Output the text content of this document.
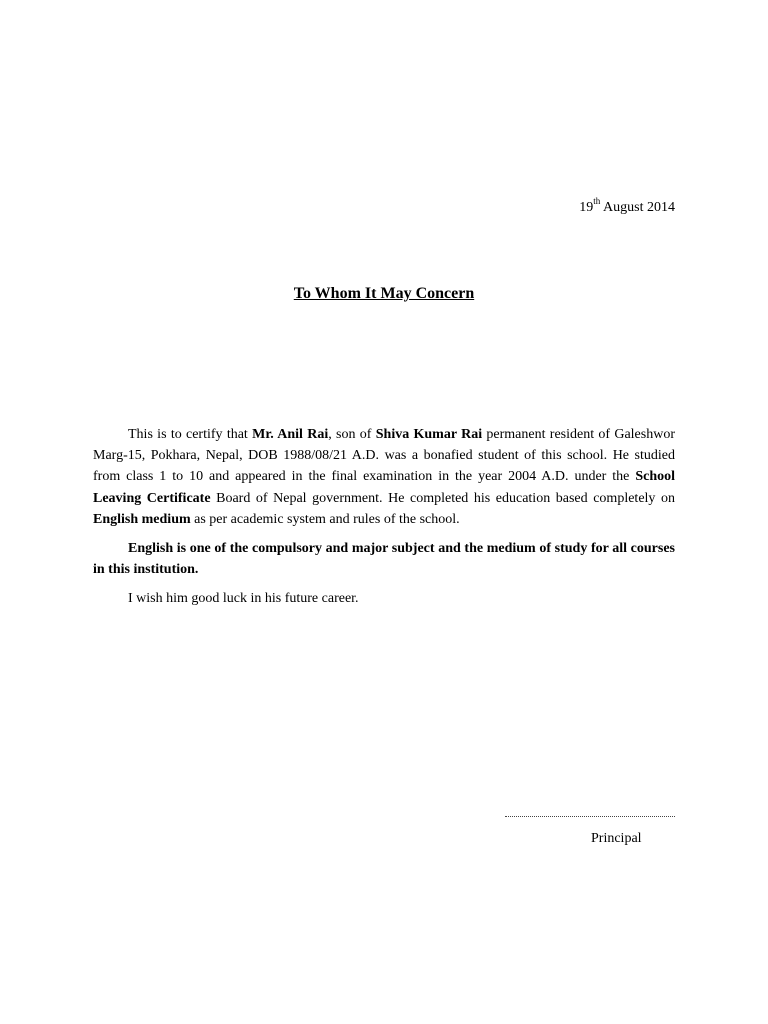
19th August 2014
To Whom It May Concern

This is to certify that Mr. Anil Rai, son of Shiva Kumar Rai permanent resident of Galeshwor Marg-15, Pokhara, Nepal, DOB 1988/08/21 A.D. was a bonafied student of this school. He studied from class 1 to 10 and appeared in the final examination in the year 2004 A.D. under the School Leaving Certificate Board of Nepal government. He completed his education based completely on English medium as per academic system and rules of the school.

English is one of the compulsory and major subject and the medium of study for all courses in this institution.

I wish him good luck in his future career.

Principal
